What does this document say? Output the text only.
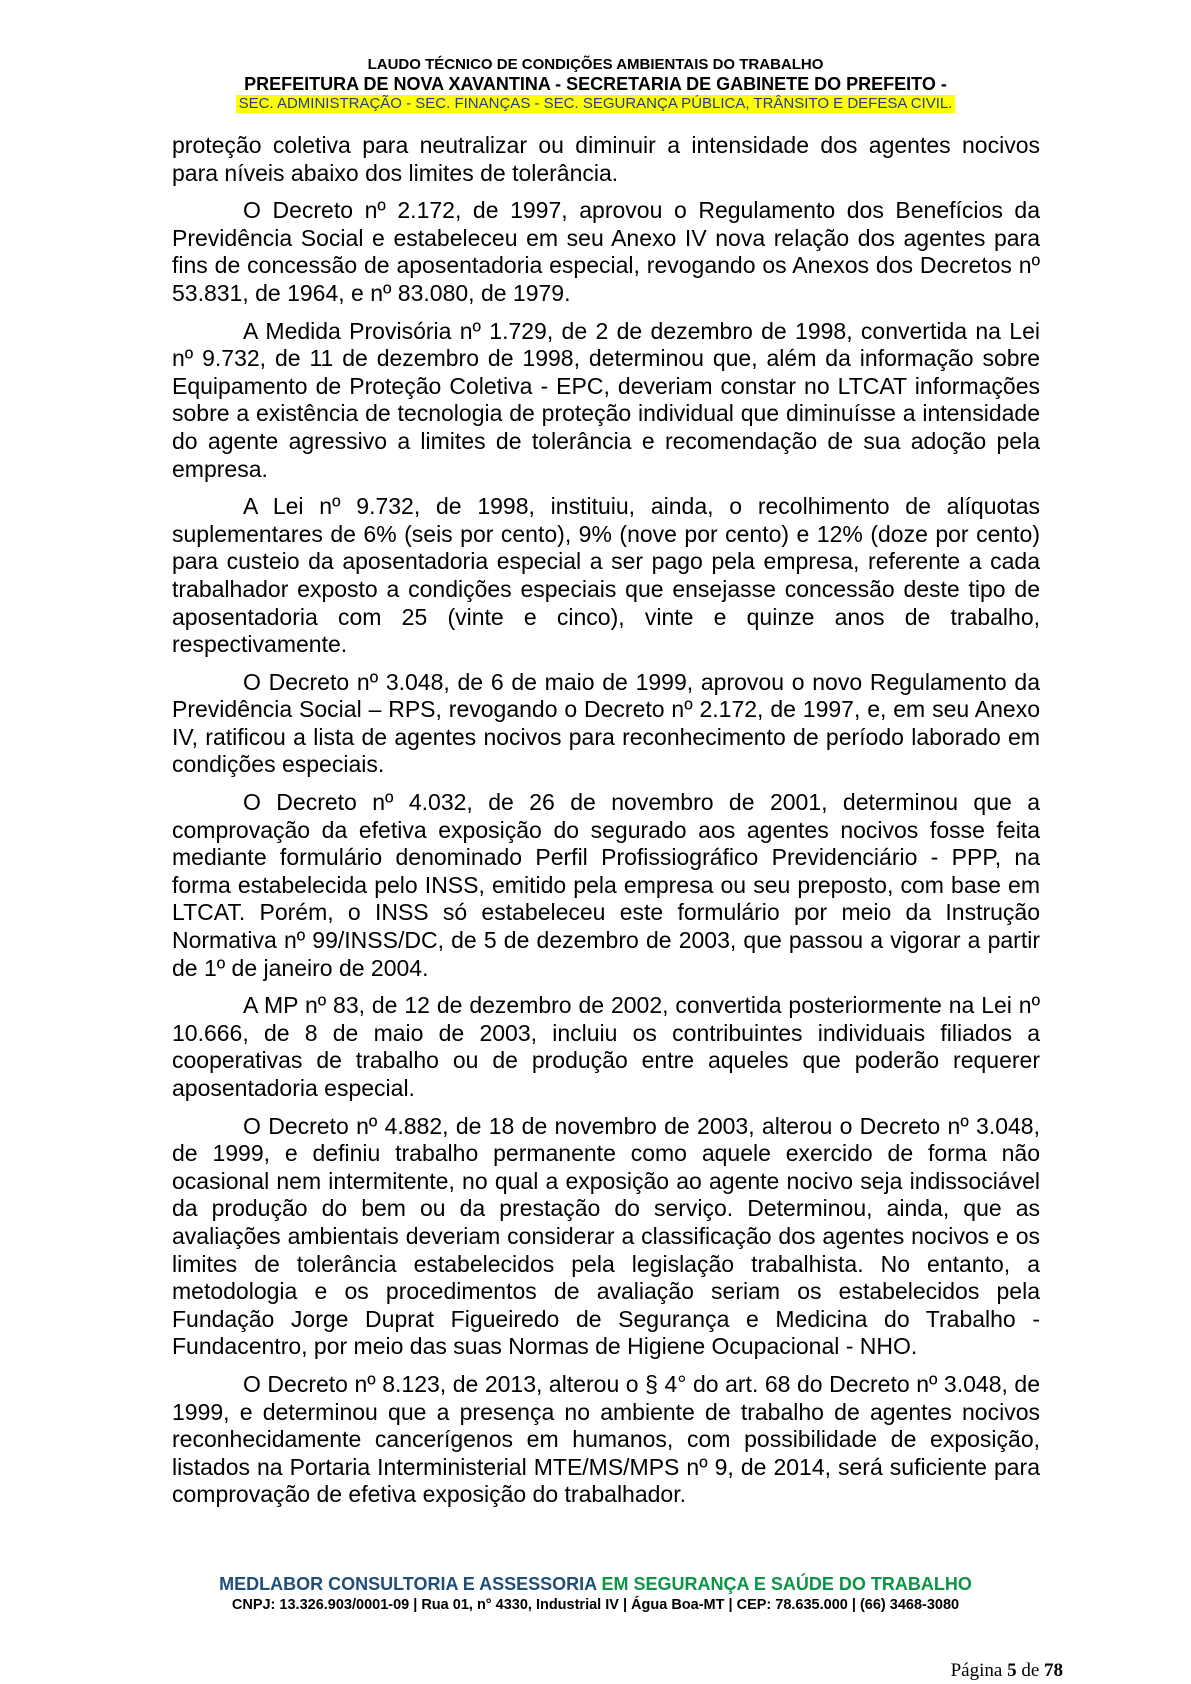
LAUDO TÉCNICO DE CONDIÇÕES AMBIENTAIS DO TRABALHO
PREFEITURA DE NOVA XAVANTINA - SECRETARIA DE GABINETE DO PREFEITO -
SEC. ADMINISTRAÇÃO - SEC. FINANÇAS - SEC. SEGURANÇA PÚBLICA, TRÂNSITO E DEFESA CIVIL.

proteção coletiva para neutralizar ou diminuir a intensidade dos agentes nocivos para níveis abaixo dos limites de tolerância.

O Decreto nº 2.172, de 1997, aprovou o Regulamento dos Benefícios da Previdência Social e estabeleceu em seu Anexo IV nova relação dos agentes para fins de concessão de aposentadoria especial, revogando os Anexos dos Decretos nº 53.831, de 1964, e nº 83.080, de 1979.

A Medida Provisória nº 1.729, de 2 de dezembro de 1998, convertida na Lei nº 9.732, de 11 de dezembro de 1998, determinou que, além da informação sobre Equipamento de Proteção Coletiva - EPC, deveriam constar no LTCAT informações sobre a existência de tecnologia de proteção individual que diminuísse a intensidade do agente agressivo a limites de tolerância e recomendação de sua adoção pela empresa.

A Lei nº 9.732, de 1998, instituiu, ainda, o recolhimento de alíquotas suplementares de 6% (seis por cento), 9% (nove por cento) e 12% (doze por cento) para custeio da aposentadoria especial a ser pago pela empresa, referente a cada trabalhador exposto a condições especiais que ensejasse concessão deste tipo de aposentadoria com 25 (vinte e cinco), vinte e quinze anos de trabalho, respectivamente.

O Decreto nº 3.048, de 6 de maio de 1999, aprovou o novo Regulamento da Previdência Social – RPS, revogando o Decreto nº 2.172, de 1997, e, em seu Anexo IV, ratificou a lista de agentes nocivos para reconhecimento de período laborado em condições especiais.

O Decreto nº 4.032, de 26 de novembro de 2001, determinou que a comprovação da efetiva exposição do segurado aos agentes nocivos fosse feita mediante formulário denominado Perfil Profissiográfico Previdenciário - PPP, na forma estabelecida pelo INSS, emitido pela empresa ou seu preposto, com base em LTCAT. Porém, o INSS só estabeleceu este formulário por meio da Instrução Normativa nº 99/INSS/DC, de 5 de dezembro de 2003, que passou a vigorar a partir de 1º de janeiro de 2004.

A MP nº 83, de 12 de dezembro de 2002, convertida posteriormente na Lei nº 10.666, de 8 de maio de 2003, incluiu os contribuintes individuais filiados a cooperativas de trabalho ou de produção entre aqueles que poderão requerer aposentadoria especial.

O Decreto nº 4.882, de 18 de novembro de 2003, alterou o Decreto nº 3.048, de 1999, e definiu trabalho permanente como aquele exercido de forma não ocasional nem intermitente, no qual a exposição ao agente nocivo seja indissociável da produção do bem ou da prestação do serviço. Determinou, ainda, que as avaliações ambientais deveriam considerar a classificação dos agentes nocivos e os limites de tolerância estabelecidos pela legislação trabalhista. No entanto, a metodologia e os procedimentos de avaliação seriam os estabelecidos pela Fundação Jorge Duprat Figueiredo de Segurança e Medicina do Trabalho - Fundacentro, por meio das suas Normas de Higiene Ocupacional - NHO.

O Decreto nº 8.123, de 2013, alterou o § 4° do art. 68 do Decreto nº 3.048, de 1999, e determinou que a presença no ambiente de trabalho de agentes nocivos reconhecidamente cancerígenos em humanos, com possibilidade de exposição, listados na Portaria Interministerial MTE/MS/MPS nº 9, de 2014, será suficiente para comprovação de efetiva exposição do trabalhador.

MEDLABOR CONSULTORIA E ASSESSORIA EM SEGURANÇA E SAÚDE DO TRABALHO
CNPJ: 13.326.903/0001-09 | Rua 01, n° 4330, Industrial IV | Água Boa-MT | CEP: 78.635.000 | (66) 3468-3080
Página 5 de 78
